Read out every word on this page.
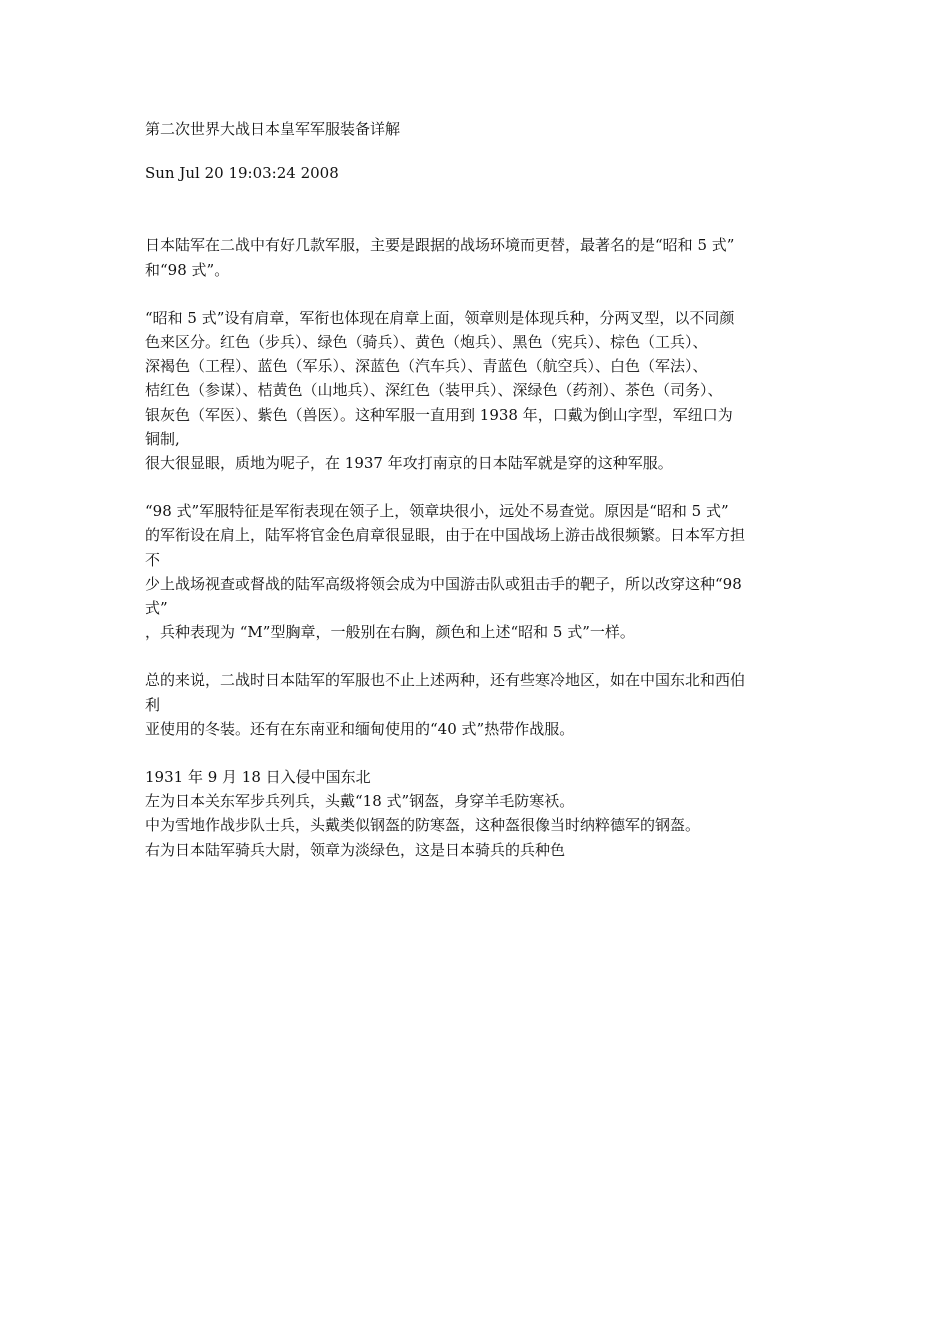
第二次世界大战日本皇军军服装备详解
Sun Jul 20 19:03:24 2008
日本陆军在二战中有好几款军服，主要是跟据的战场环境而更替，最著名的是“昭和 5 式”
和“98 式”。
“昭和 5 式”设有肩章，军衔也体现在肩章上面，领章则是体现兵种，分两叉型，以不同颜
色来区分。红色（步兵）、绿色（骑兵）、黄色（炮兵）、黑色（宪兵）、棕色（工兵）、
深褐色（工程）、蓝色（军乐）、深蓝色（汽车兵）、青蓝色（航空兵）、白色（军法）、
桔红色（参谋）、桔黄色（山地兵）、深红色（装甲兵）、深绿色（药剂）、茶色（司务）、
银灰色（军医）、紫色（兽医）。这种军服一直用到 1938 年，口戴为倒山字型，军纽口为
铜制,
很大很显眼，质地为呢子，在 1937 年攻打南京的日本陆军就是穿的这种军服。
“98 式”军服特征是军衔表现在领子上，领章块很小，远处不易查觉。原因是“昭和 5 式”
的军衔设在肩上，陆军将官金色肩章很显眼，由于在中国战场上游击战很频繁。日本军方担
不
少上战场视查或督战的陆军高级将领会成为中国游击队或狙击手的靶子，所以改穿这种“98
式”
，兵种表现为 “M”型胸章，一般别在右胸，颜色和上述“昭和 5 式”一样。
总的来说，二战时日本陆军的军服也不止上述两种，还有些寒冷地区，如在中国东北和西伯
利
亚使用的冬装。还有在东南亚和缅甸使用的“40 式”热带作战服。
1931 年 9 月 18 日入侵中国东北
左为日本关东军步兵列兵，头戴“18 式”钢盔，身穿羊毛防寒袄。
中为雪地作战步队士兵，头戴类似钢盔的防寒盔，这种盔很像当时纳粹德军的钢盔。
右为日本陆军骑兵大尉，领章为淡绿色，这是日本骑兵的兵种色
